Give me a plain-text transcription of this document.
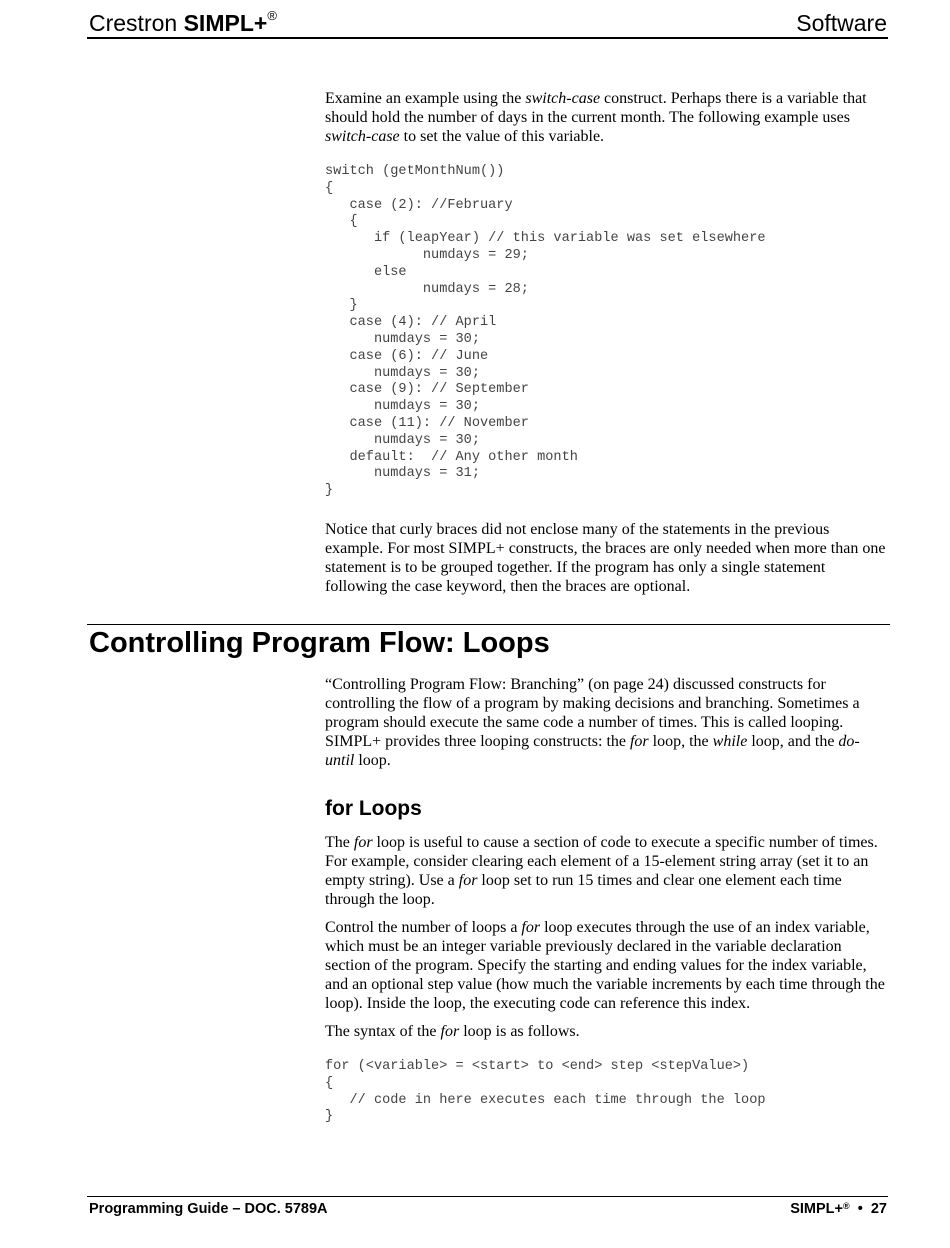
Crestron SIMPL+®	Software

Examine an example using the switch-case construct. Perhaps there is a variable that should hold the number of days in the current month. The following example uses switch-case to set the value of this variable.

switch (getMonthNum())
{
case (2): //February
{
if (leapYear) // this variable was set elsewhere
numdays = 29;
else
numdays = 28;
}
case (4): // April
numdays = 30;
case (6): // June
numdays = 30;
case (9): // September
numdays = 30;
case (11): // November
numdays = 30;
default:  // Any other month
numdays = 31;
}

Notice that curly braces did not enclose many of the statements in the previous example. For most SIMPL+ constructs, the braces are only needed when more than one statement is to be grouped together. If the program has only a single statement following the case keyword, then the braces are optional.

Controlling Program Flow: Loops

“Controlling Program Flow: Branching” (on page 24) discussed constructs for controlling the flow of a program by making decisions and branching. Sometimes a program should execute the same code a number of times. This is called looping. SIMPL+ provides three looping constructs: the for loop, the while loop, and the do-until loop.

for Loops

The for loop is useful to cause a section of code to execute a specific number of times. For example, consider clearing each element of a 15-element string array (set it to an empty string). Use a for loop set to run 15 times and clear one element each time through the loop.

Control the number of loops a for loop executes through the use of an index variable, which must be an integer variable previously declared in the variable declaration section of the program. Specify the starting and ending values for the index variable, and an optional step value (how much the variable increments by each time through the loop). Inside the loop, the executing code can reference this index.

The syntax of the for loop is as follows.

for (<variable> = <start> to <end> step <stepValue>)
{
// code in here executes each time through the loop
}
Programming Guide – DOC. 5789A	SIMPL+® • 27
